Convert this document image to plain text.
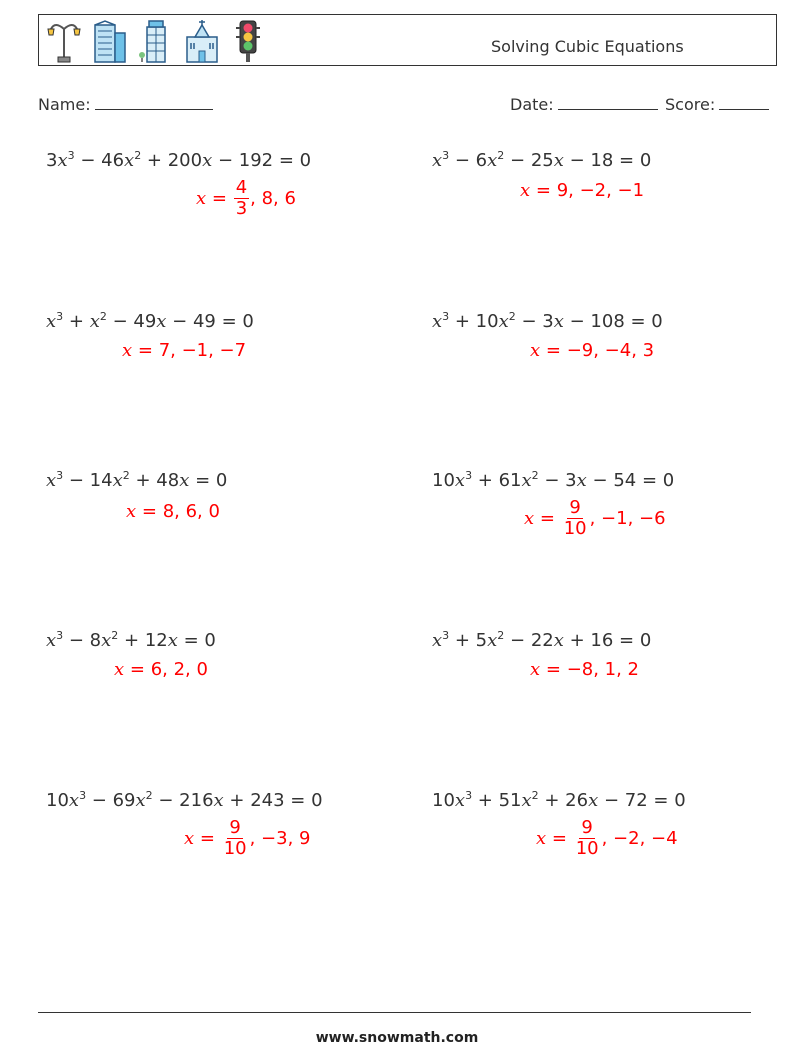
Solving Cubic Equations
Name:	Date:	Score:
$3x^3 - 46x^2 + 200x - 192 = 0$
$x = \frac{4}{3}$ , 8, 6
$x^3 - 6x^2 - 25x - 18 = 0$
x = 9, −2, −1
$x^3 + x^2 - 49x - 49 = 0$
x = 7, −1, −7
$x^3 + 10x^2 - 3x - 108 = 0$
x = −9, −4, 3
$x^3 - 14x^2 + 48x = 0$
x = 8, 6, 0
$10x^3 + 61x^2 - 3x - 54 = 0$
$x = \frac{9}{10}$ , −1, −6
$x^3 - 8x^2 + 12x = 0$
x = 6, 2, 0
$x^3 + 5x^2 - 22x + 16 = 0$
x = −8, 1, 2
$10x^3 - 69x^2 - 216x + 243 = 0$
$x = \frac{9}{10}$ , −3, 9
$10x^3 + 51x^2 + 26x - 72 = 0$
$x = \frac{9}{10}$ , −2, −4
www.snowmath.com
